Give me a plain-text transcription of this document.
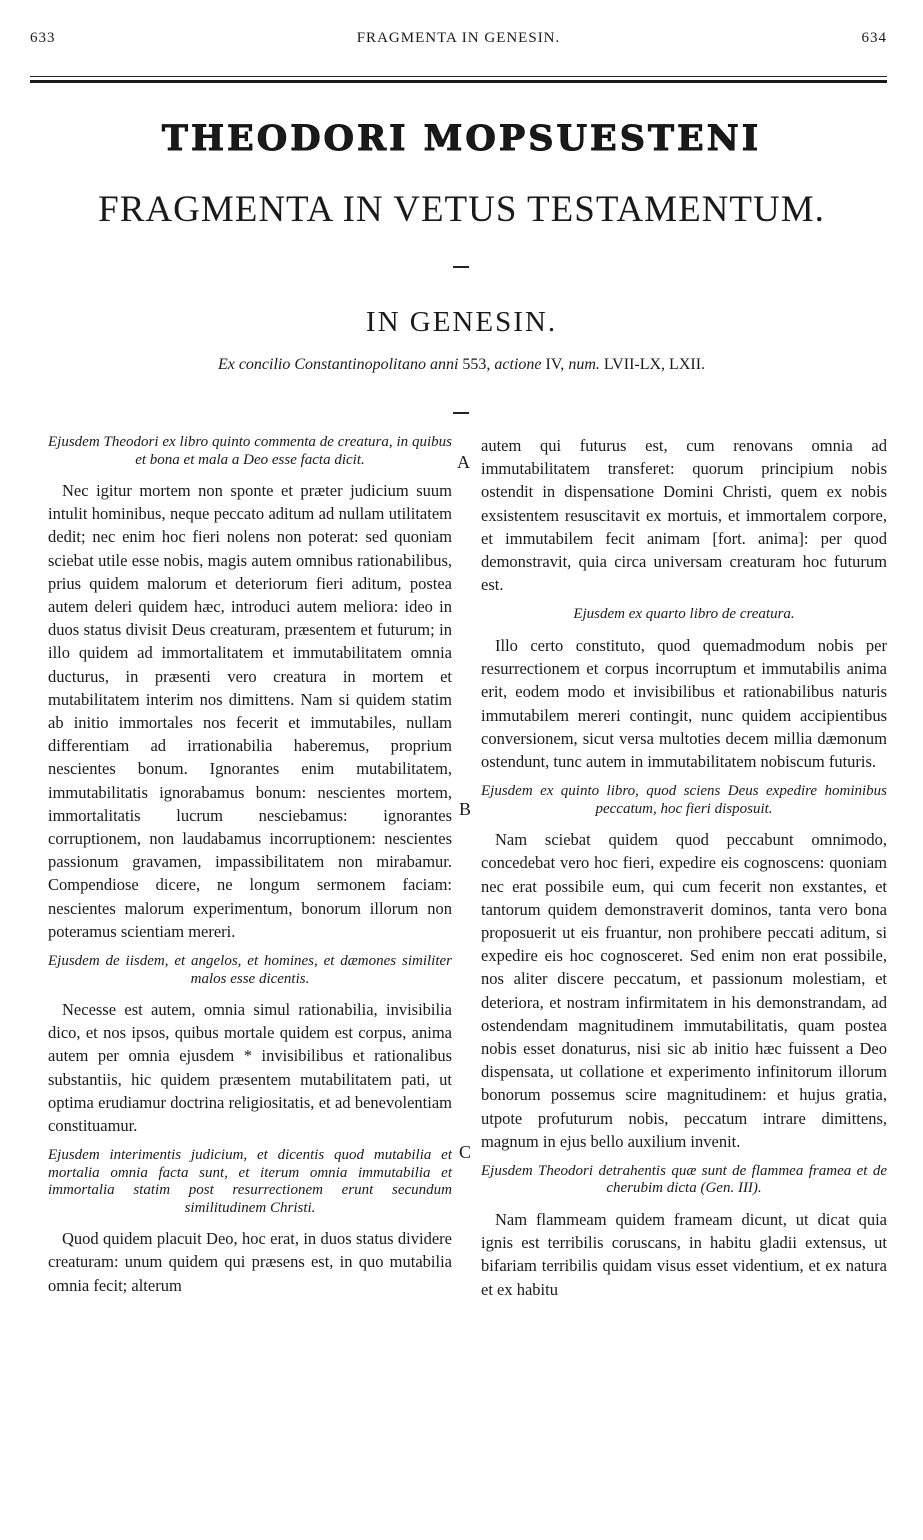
633	FRAGMENTA IN GENESIN.	634
THEODORI MOPSUESTENI
FRAGMENTA IN VETUS TESTAMENTUM.
IN GENESIN.
Ex concilio Constantinopolitano anni 553, actione IV, num. LVII-LX, LXII.

Ejusdem Theodori ex libro quinto commenta de creatura, in quibus et bona et mala a Deo esse facta dicit.

Nec igitur mortem non sponte et præter judicium suum intulit hominibus, neque peccato aditum ad nullam utilitatem dedit; nec enim hoc fieri nolens non poterat: sed quoniam sciebat utile esse nobis, magis autem omnibus rationabilibus, prius quidem malorum et deteriorum fieri aditum, postea autem deleri quidem hæc, introduci autem meliora: ideo in duos status divisit Deus creaturam, præsentem et futurum; in illo quidem ad immortalitatem et immutabilitatem omnia ducturus, in præsenti vero creatura in mortem et mutabilitatem interim nos dimittens. Nam si quidem statim ab initio immortales nos fecerit et immutabiles, nullam differentiam ad irrationabilia haberemus, proprium nescientes bonum. Ignorantes enim mutabilitatem, immutabilitatis ignorabamus bonum: nescientes mortem, immortalitatis lucrum nesciebamus: ignorantes corruptionem, non laudabamus incorruptionem: nescientes passionum gravamen, impassibilitatem non mirabamur. Compendiose dicere, ne longum sermonem faciam: nescientes malorum experimentum, bonorum illorum non poteramus scientiam mereri.

Ejusdem de iisdem, et angelos, et homines, et dæmones similiter malos esse dicentis.

Necesse est autem, omnia simul rationabilia, invisibilia dico, et nos ipsos, quibus mortale quidem est corpus, anima autem per omnia ejusdem * invisibilibus et rationalibus substantiis, hic quidem præsentem mutabilitatem pati, ut optima erudiamur doctrina religiositatis, et ad benevolentiam constituamur.

Ejusdem interimentis judicium, et dicentis quod mutabilia et mortalia omnia facta sunt, et iterum omnia immutabilia et immortalia statim post resurrectionem erunt secundum similitudinem Christi.

Quod quidem placuit Deo, hoc erat, in duos status dividere creaturam: unum quidem qui præsens est, in quo mutabilia omnia fecit; alterum

A
B
C

autem qui futurus est, cum renovans omnia ad immutabilitatem transferet: quorum principium nobis ostendit in dispensatione Domini Christi, quem ex nobis exsistentem resuscitavit ex mortuis, et immortalem corpore, et immutabilem fecit animam [fort. anima]: per quod demonstravit, quia circa universam creaturam hoc futurum est.

Ejusdem ex quarto libro de creatura.

Illo certo constituto, quod quemadmodum nobis per resurrectionem et corpus incorruptum et immutabilis anima erit, eodem modo et invisibilibus et rationabilibus naturis immutabilem mereri contingit, nunc quidem accipientibus conversionem, sicut versa multoties decem millia dæmonum ostendunt, tunc autem in immutabilitatem nobiscum futuris.

Ejusdem ex quinto libro, quod sciens Deus expedire hominibus peccatum, hoc fieri disposuit.

Nam sciebat quidem quod peccabunt omnimodo, concedebat vero hoc fieri, expedire eis cognoscens: quoniam nec erat possibile eum, qui cum fecerit non exstantes, et tantorum quidem demonstraverit dominos, tanta vero bona proposuerit ut eis fruantur, non prohibere peccati aditum, si expedire eis hoc cognosceret. Sed enim non erat possibile, nos aliter discere peccatum, et passionum molestiam, et deteriora, et nostram infirmitatem in his demonstrandam, ad ostendendam magnitudinem immutabilitatis, quam postea nobis esset donaturus, nisi sic ab initio hæc fuissent a Deo dispensata, ut collatione et experimento infinitorum illorum bonorum possemus scire magnitudinem: et hujus gratia, utpote profuturum nobis, peccatum intrare dimittens, magnum in ejus bello auxilium invenit.

Ejusdem Theodori detrahentis quæ sunt de flammea framea et de cherubim dicta (Gen. III).

Nam flammeam quidem frameam dicunt, ut dicat quia ignis est terribilis coruscans, in habitu gladii extensus, ut bifariam terribilis quidam visus esset videntium, et ex natura et ex habitu
